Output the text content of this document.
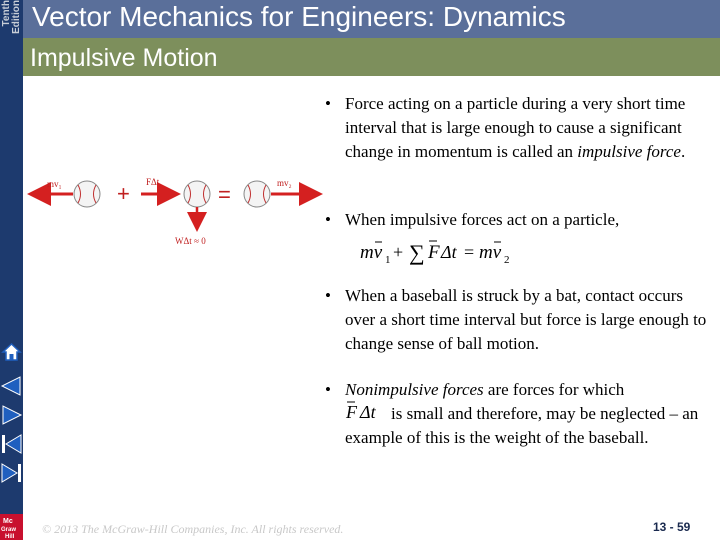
Tenth Edition Vector Mechanics for Engineers: Dynamics
Impulsive Motion
mv₁	+ FΔt
WΔt ≈ 0
=	mv₂
• Force acting on a particle during a very short time interval that is large enough to cause a significant change in momentum is called an impulsive force.
• When impulsive forces act on a particle,
• When a baseball is struck by a bat, contact occurs over a short time interval but force is large enough to change sense of ball motion.
• Nonimpulsive forces are forces for which
is small and therefore, may be neglected – an example of this is the weight of the baseball.
mv 1 + ∑ F Δt = mv 2
F Δt
© 2013 The McGraw-Hill Companies, Inc. All rights reserved.	13 - 59
Mc
Graw
Hill
